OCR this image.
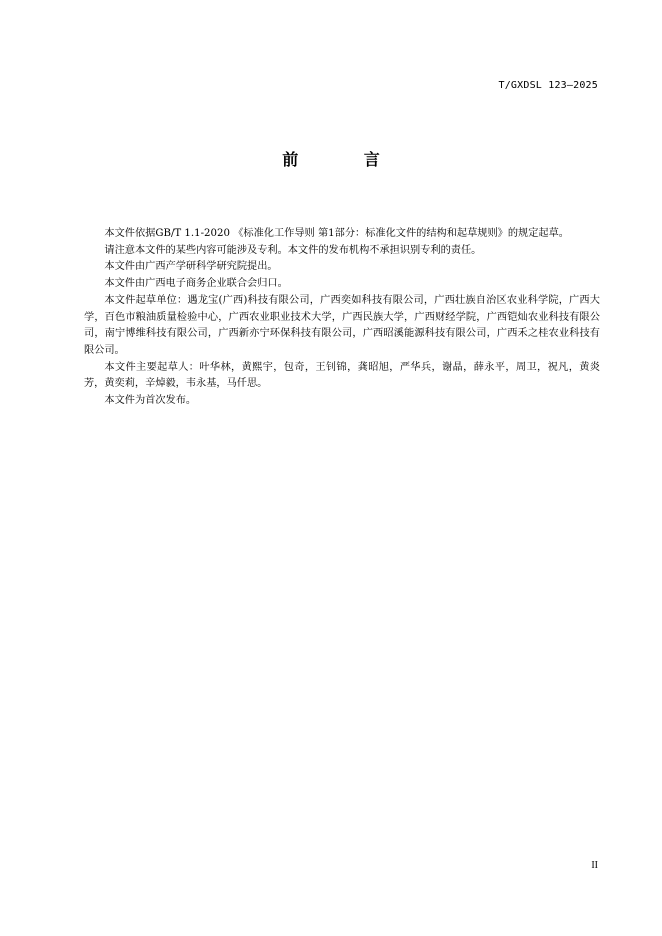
T/GXDSL 123—2025
前 言

本文件依据GB/T 1.1-2020 《标准化工作导则 第1部分：标准化文件的结构和起草规则》的规定起草。

请注意本文件的某些内容可能涉及专利。本文件的发布机构不承担识别专利的责任。

本文件由广西产学研科学研究院提出。

本文件由广西电子商务企业联合会归口。

本文件起草单位：遇龙宝(广西)科技有限公司，广西奕如科技有限公司，广西壮族自治区农业科学院，广西大学，百色市粮油质量检验中心，广西农业职业技术大学，广西民族大学，广西财经学院，广西铠灿农业科技有限公司，南宁博维科技有限公司，广西新亦宁环保科技有限公司，广西昭溪能源科技有限公司，广西禾之桂农业科技有限公司。

本文件主要起草人：叶华林，黄熙宇，包奇，王钊锦，龚昭旭，严华兵，谢晶，薛永平，周卫，祝凡，黄炎芳，黄奕莉，辛焯毅，韦永基，马仟思。

本文件为首次发布。

II
